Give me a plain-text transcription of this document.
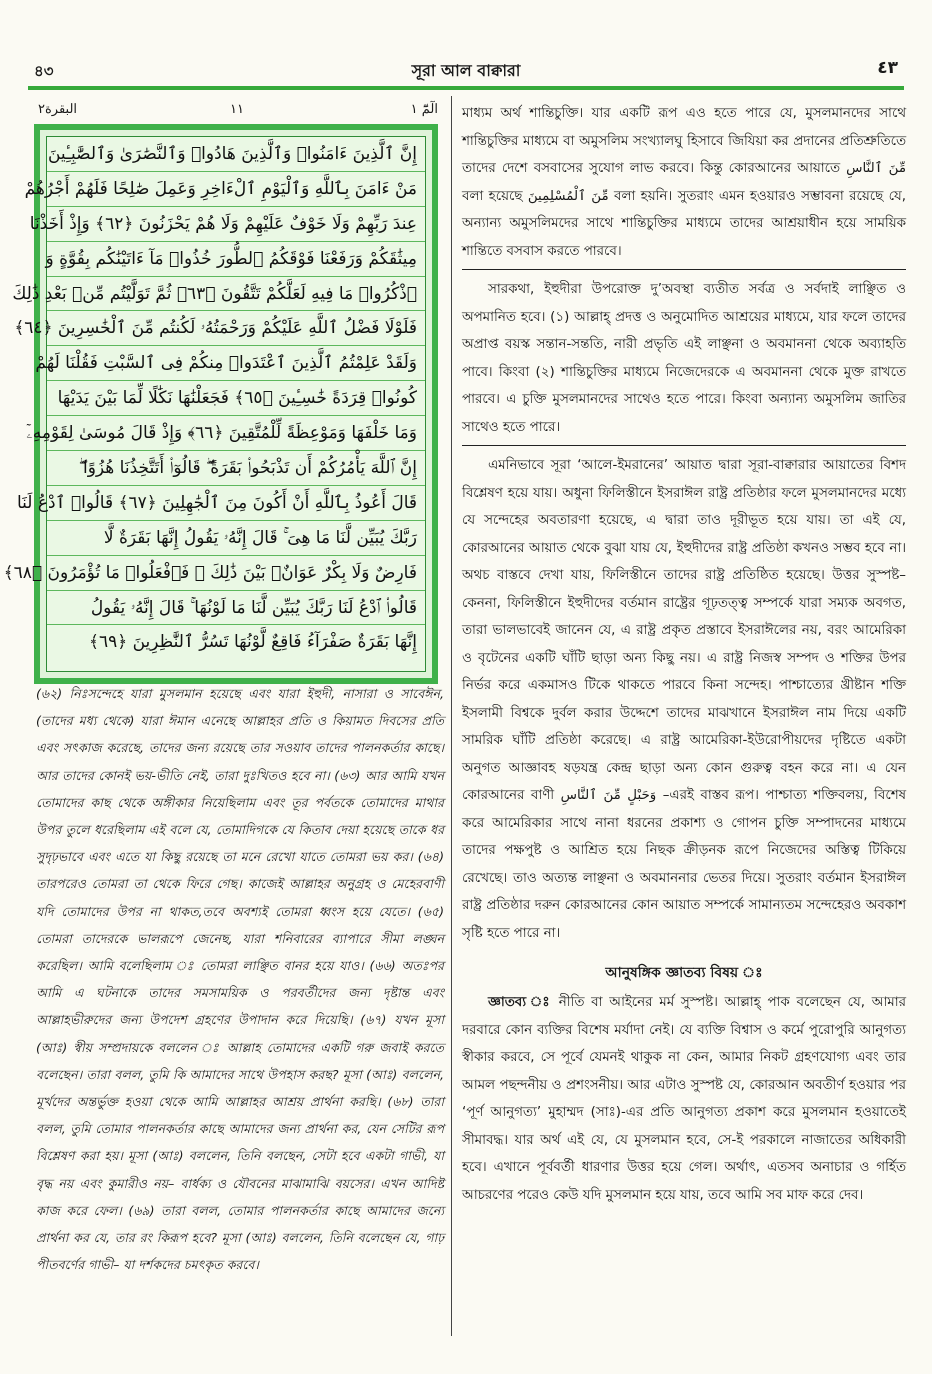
৪৩	সূরা আল বাক্বারা	٤٣
البقرة٢	١١	الٓمّٓ ١
إِنَّ ٱلَّذِينَ ءَامَنُوا۟ وَٱلَّذِينَ هَادُوا۟ وَٱلنَّصَٰرَىٰ وَٱلصَّٰبِـِٔينَ
مَنْ ءَامَنَ بِٱللَّهِ وَٱلْيَوْمِ ٱلْءَاخِرِ وَعَمِلَ صَٰلِحًا فَلَهُمْ أَجْرُهُمْ
عِندَ رَبِّهِمْ وَلَا خَوْفٌ عَلَيْهِمْ وَلَا هُمْ يَحْزَنُونَ ﴿٦٢﴾ وَإِذْ أَخَذْنَا
مِيثَٰقَكُمْ وَرَفَعْنَا فَوْقَكُمُ ٱلطُّورَ خُذُوا۟ مَآ ءَاتَيْنَٰكُم بِقُوَّةٍ وَ
ٱذْكُرُوا۟ مَا فِيهِ لَعَلَّكُمْ تَتَّقُونَ ﴿٦٣﴾ ثُمَّ تَوَلَّيْتُم مِّنۢ بَعْدِ ذَٰلِكَ
فَلَوْلَا فَضْلُ ٱللَّهِ عَلَيْكُمْ وَرَحْمَتُهُۥ لَكُنتُم مِّنَ ٱلْخَٰسِرِينَ ﴿٦٤﴾
وَلَقَدْ عَلِمْتُمُ ٱلَّذِينَ ٱعْتَدَوا۟ مِنكُمْ فِى ٱلسَّبْتِ فَقُلْنَا لَهُمْ
كُونُوا۟ قِرَدَةً خَٰسِـِٔينَ ﴿٦٥﴾ فَجَعَلْنَٰهَا نَكَٰلًا لِّمَا بَيْنَ يَدَيْهَا
وَمَا خَلْفَهَا وَمَوْعِظَةً لِّلْمُتَّقِينَ ﴿٦٦﴾ وَإِذْ قَالَ مُوسَىٰ لِقَوْمِهِۦٓ
إِنَّ ٱللَّهَ يَأْمُرُكُمْ أَن تَذْبَحُوا۟ بَقَرَةً ۖ قَالُوٓا۟ أَتَتَّخِذُنَا هُزُوًا ۖ
قَالَ أَعُوذُ بِٱللَّهِ أَنْ أَكُونَ مِنَ ٱلْجَٰهِلِينَ ﴿٦٧﴾ قَالُوا۟ ٱدْعُ لَنَا
رَبَّكَ يُبَيِّن لَّنَا مَا هِىَ ۚ قَالَ إِنَّهُۥ يَقُولُ إِنَّهَا بَقَرَةٌ لَّا
فَارِضٌ وَلَا بِكْرٌ عَوَانٌۢ بَيْنَ ذَٰلِكَ ۖ فَٱفْعَلُوا۟ مَا تُؤْمَرُونَ ﴿٦٨﴾
قَالُوا۟ ٱدْعُ لَنَا رَبَّكَ يُبَيِّن لَّنَا مَا لَوْنُهَا ۚ قَالَ إِنَّهُۥ يَقُولُ
إِنَّهَا بَقَرَةٌ صَفْرَآءُ فَاقِعٌ لَّوْنُهَا تَسُرُّ ٱلنَّٰظِرِينَ ﴿٦٩﴾
(৬২) নিঃসন্দেহে যারা মুসলমান হয়েছে এবং যারা ইহুদী, নাসারা ও সাবেঈন, (তাদের মধ্য থেকে) যারা ঈমান এনেছে আল্লাহর প্রতি ও কিয়ামত দিবসের প্রতি এবং সৎকাজ করেছে, তাদের জন্য রয়েছে তার সওয়াব তাদের পালনকর্তার কাছে। আর তাদের কোনই ভয়-ভীতি নেই, তারা দুঃখিতও হবে না। (৬৩) আর আমি যখন তোমাদের কাছ থেকে অঙ্গীকার নিয়েছিলাম এবং তূর পর্বতকে তোমাদের মাথার উপর তুলে ধরেছিলাম এই বলে যে, তোমাদিগকে যে কিতাব দেয়া হয়েছে তাকে ধর সুদৃঢ়ভাবে এবং এতে যা কিছু রয়েছে তা মনে রেখো যাতে তোমরা ভয় কর। (৬৪) তারপরেও তোমরা তা থেকে ফিরে গেছ। কাজেই আল্লাহর অনুগ্রহ ও মেহেরবাণী যদি তোমাদের উপর না থাকত,তবে অবশ্যই তোমরা ধ্বংস হয়ে যেতে। (৬৫) তোমরা তাদেরকে ভালরূপে জেনেছ, যারা শনিবারের ব্যাপারে সীমা লঙ্ঘন করেছিল। আমি বলেছিলাম ঃ তোমরা লাঞ্ছিত বানর হয়ে যাও। (৬৬) অতঃপর আমি এ ঘটনাকে তাদের সমসাময়িক ও পরবর্তীদের জন্য দৃষ্টান্ত এবং আল্লাহভীরুদের জন্য উপদেশ গ্রহণের উপাদান করে দিয়েছি। (৬৭) যখন মূসা (আঃ) স্বীয় সম্প্রদায়কে বললেন ঃ আল্লাহ তোমাদের একটি গরু জবাই করতে বলেছেন। তারা বলল, তুমি কি আমাদের সাথে উপহাস করছ? মূসা (আঃ) বললেন, মূর্খদের অন্তর্ভুক্ত হওয়া থেকে আমি আল্লাহর আশ্রয় প্রার্থনা করছি। (৬৮) তারা বলল, তুমি তোমার পালনকর্তার কাছে আমাদের জন্য প্রার্থনা কর, যেন সেটির রূপ বিশ্লেষণ করা হয়। মূসা (আঃ) বললেন, তিনি বলছেন, সেটা হবে একটা গাভী, যা বৃদ্ধ নয় এবং কুমারীও নয়– বার্ধক্য ও যৌবনের মাঝামাঝি বয়সের। এখন আদিষ্ট কাজ করে ফেল। (৬৯) তারা বলল, তোমার পালনকর্তার কাছে আমাদের জন্যে প্রার্থনা কর যে, তার রং কিরূপ হবে? মূসা (আঃ) বললেন, তিনি বলেছেন যে, গাঢ় পীতবর্ণের গাভী– যা দর্শকদের চমৎকৃত করবে।

মাধ্যম অর্থ শান্তিচুক্তি। যার একটি রূপ এও হতে পারে যে, মুসলমানদের সাথে শান্তিচুক্তির মাধ্যমে বা অমুসলিম সংখ্যালঘু হিসাবে জিযিয়া কর প্রদানের প্রতিশ্রুতিতে তাদের দেশে বসবাসের সুযোগ লাভ করবে। কিন্তু কোরআনের আয়াতে مِّنَ ٱلنَّاسِ বলা হয়েছে مِّنَ ٱلْمُسْلِمِينَ বলা হয়নি। সুতরাং এমন হওয়ারও সম্ভাবনা রয়েছে যে, অন্যান্য অমুসলিমদের সাথে শান্তিচুক্তির মাধ্যমে তাদের আশ্রয়াধীন হয়ে সাময়িক শান্তিতে বসবাস করতে পারবে।

সারকথা, ইহুদীরা উপরোক্ত দু’অবস্থা ব্যতীত সর্বত্র ও সর্বদাই লাঞ্ছিত ও অপমানিত হবে। (১) আল্লাহ্ প্রদত্ত ও অনুমোদিত আশ্রয়ের মাধ্যমে, যার ফলে তাদের অপ্রাপ্ত বয়স্ক সন্তান-সন্ততি, নারী প্রভৃতি এই লাঞ্ছনা ও অবমাননা থেকে অব্যাহতি পাবে। কিংবা (২) শান্তিচুক্তির মাধ্যমে নিজেদেরকে এ অবমাননা থেকে মুক্ত রাখতে পারবে। এ চুক্তি মুসলমানদের সাথেও হতে পারে। কিংবা অন্যান্য অমুসলিম জাতির সাথেও হতে পারে।

এমনিভাবে সূরা ‘আলে-ইমরানের’ আয়াত দ্বারা সূরা-বাক্বারার আয়াতের বিশদ বিশ্লেষণ হয়ে যায়। অধুনা ফিলিস্তীনে ইসরাঈল রাষ্ট্র প্রতিষ্ঠার ফলে মুসলমানদের মধ্যে যে সন্দেহের অবতারণা হয়েছে, এ দ্বারা তাও দূরীভূত হয়ে যায়। তা এই যে, কোরআনের আয়াত থেকে বুঝা যায় যে, ইহুদীদের রাষ্ট্র প্রতিষ্ঠা কখনও সম্ভব হবে না। অথচ বাস্তবে দেখা যায়, ফিলিস্তীনে তাদের রাষ্ট্র প্রতিষ্ঠিত হয়েছে। উত্তর সুস্পষ্ট– কেননা, ফিলিস্তীনে ইহুদীদের বর্তমান রাষ্ট্রের গূঢ়তত্ত্ব সম্পর্কে যারা সম্যক অবগত, তারা ভালভাবেই জানেন যে, এ রাষ্ট্র প্রকৃত প্রস্তাবে ইসরাঈলের নয়, বরং আমেরিকা ও বৃটেনের একটি ঘাঁটি ছাড়া অন্য কিছু নয়। এ রাষ্ট্র নিজস্ব সম্পদ ও শক্তির উপর নির্ভর করে একমাসও টিকে থাকতে পারবে কিনা সন্দেহ। পাশ্চাত্যের খ্রীষ্টান শক্তি ইসলামী বিশ্বকে দুর্বল করার উদ্দেশে তাদের মাঝখানে ইসরাঈল নাম দিয়ে একটি সামরিক ঘাঁটি প্রতিষ্ঠা করেছে। এ রাষ্ট্র আমেরিকা-ইউরোপীয়দের দৃষ্টিতে একটা অনুগত আজ্ঞাবহ ষড়যন্ত্র কেন্দ্র ছাড়া অন্য কোন গুরুত্ব বহন করে না। এ যেন কোরআনের বাণী وَحَبْلٍ مِّنَ ٱلنَّاسِ –এরই বাস্তব রূপ। পাশ্চাত্য শক্তিবলয়, বিশেষ করে আমেরিকার সাথে নানা ধরনের প্রকাশ্য ও গোপন চুক্তি সম্পাদনের মাধ্যমে তাদের পক্ষপুষ্ট ও আশ্রিত হয়ে নিছক ক্রীড়নক রূপে নিজেদের অস্তিত্ব টিকিয়ে রেখেছে। তাও অত্যন্ত লাঞ্ছনা ও অবমাননার ভেতর দিয়ে। সুতরাং বর্তমান ইসরাঈল রাষ্ট্র প্রতিষ্ঠার দরুন কোরআনের কোন আয়াত সম্পর্কে সামান্যতম সন্দেহেরও অবকাশ সৃষ্টি হতে পারে না।

আনুষঙ্গিক জ্ঞাতব্য বিষয় ঃ

জ্ঞাতব্য ঃ নীতি বা আইনের মর্ম সুস্পষ্ট। আল্লাহ্ পাক বলেছেন যে, আমার দরবারে কোন ব্যক্তির বিশেষ মর্যাদা নেই। যে ব্যক্তি বিশ্বাস ও কর্মে পুরোপুরি আনুগত্য স্বীকার করবে, সে পূর্বে যেমনই থাকুক না কেন, আমার নিকট গ্রহণযোগ্য এবং তার আমল পছন্দনীয় ও প্রশংসনীয়। আর এটাও সুস্পষ্ট যে, কোরআন অবতীর্ণ হওয়ার পর ‘পূর্ণ আনুগত্য’ মুহাম্মদ (সাঃ)-এর প্রতি আনুগত্য প্রকাশ করে মুসলমান হওয়াতেই সীমাবদ্ধ। যার অর্থ এই যে, যে মুসলমান হবে, সে-ই পরকালে নাজাতের অধিকারী হবে। এখানে পূর্ববর্তী ধারণার উত্তর হয়ে গেল। অর্থাৎ, এতসব অনাচার ও গর্হিত আচরণের পরেও কেউ যদি মুসলমান হয়ে যায়, তবে আমি সব মাফ করে দেব।
